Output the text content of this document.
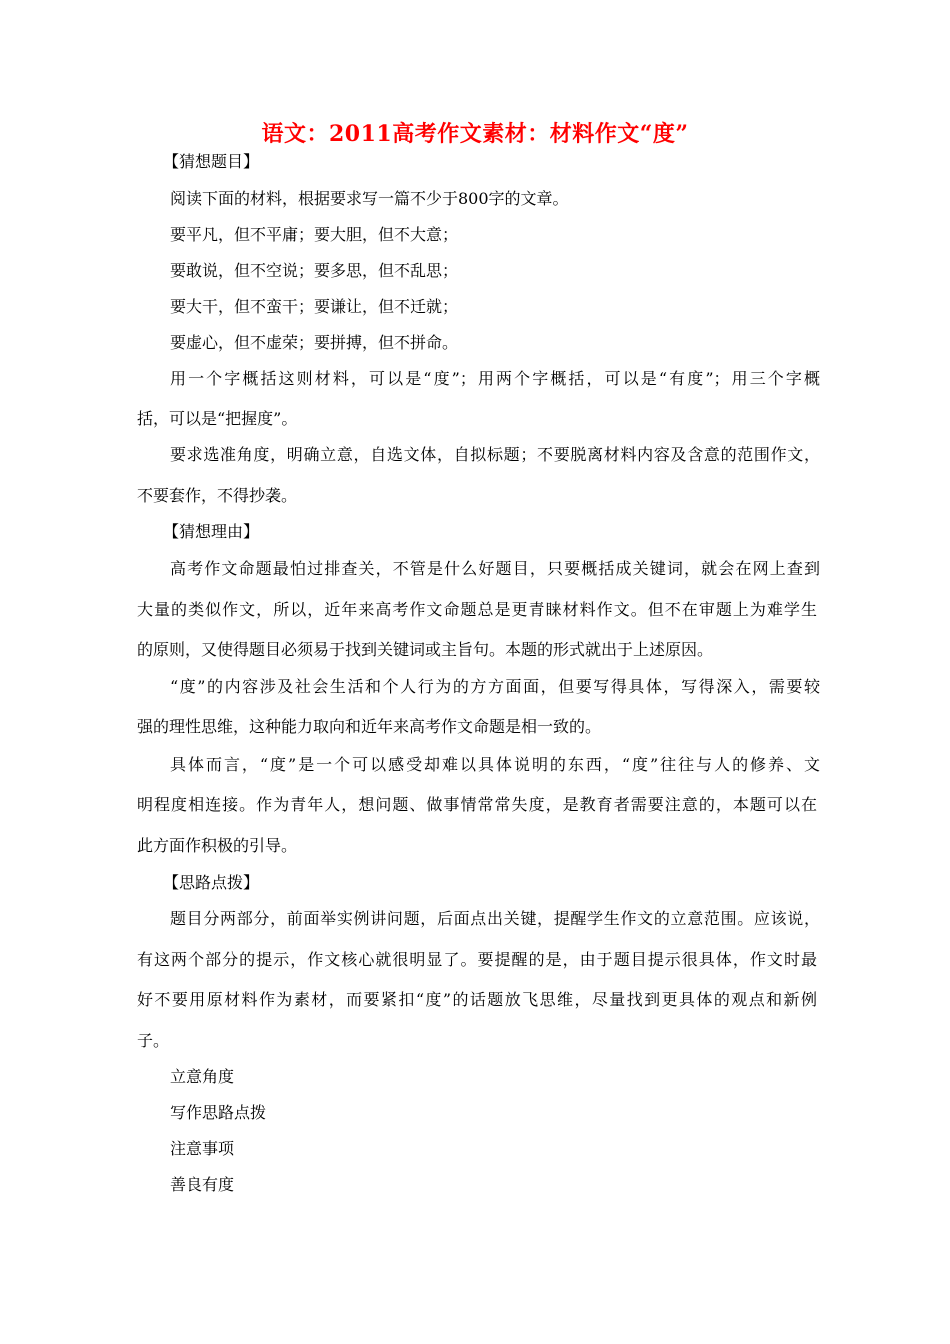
语文：2011高考作文素材：材料作文“度”
【猜想题目】
阅读下面的材料，根据要求写一篇不少于800字的文章。
要平凡，但不平庸；要大胆，但不大意；
要敢说，但不空说；要多思，但不乱思；
要大干，但不蛮干；要谦让，但不迁就；
要虚心，但不虚荣；要拼搏，但不拼命。
用一个字概括这则材料，可以是“度”；用两个字概括，可以是“有度”；用三个字概
括，可以是“把握度”。
要求选准角度，明确立意，自选文体，自拟标题；不要脱离材料内容及含意的范围作文，
不要套作，不得抄袭。
【猜想理由】
高考作文命题最怕过排查关，不管是什么好题目，只要概括成关键词，就会在网上查到
大量的类似作文，所以，近年来高考作文命题总是更青睐材料作文。但不在审题上为难学生
的原则，又使得题目必须易于找到关键词或主旨句。本题的形式就出于上述原因。
“度”的内容涉及社会生活和个人行为的方方面面，但要写得具体，写得深入，需要较
强的理性思维，这种能力取向和近年来高考作文命题是相一致的。
具体而言，“度”是一个可以感受却难以具体说明的东西，“度”往往与人的修养、文
明程度相连接。作为青年人，想问题、做事情常常失度，是教育者需要注意的，本题可以在
此方面作积极的引导。
【思路点拨】
题目分两部分，前面举实例讲问题，后面点出关键，提醒学生作文的立意范围。应该说，
有这两个部分的提示，作文核心就很明显了。要提醒的是，由于题目提示很具体，作文时最
好不要用原材料作为素材，而要紧扣“度”的话题放飞思维，尽量找到更具体的观点和新例
子。
立意角度
写作思路点拨
注意事项
善良有度
